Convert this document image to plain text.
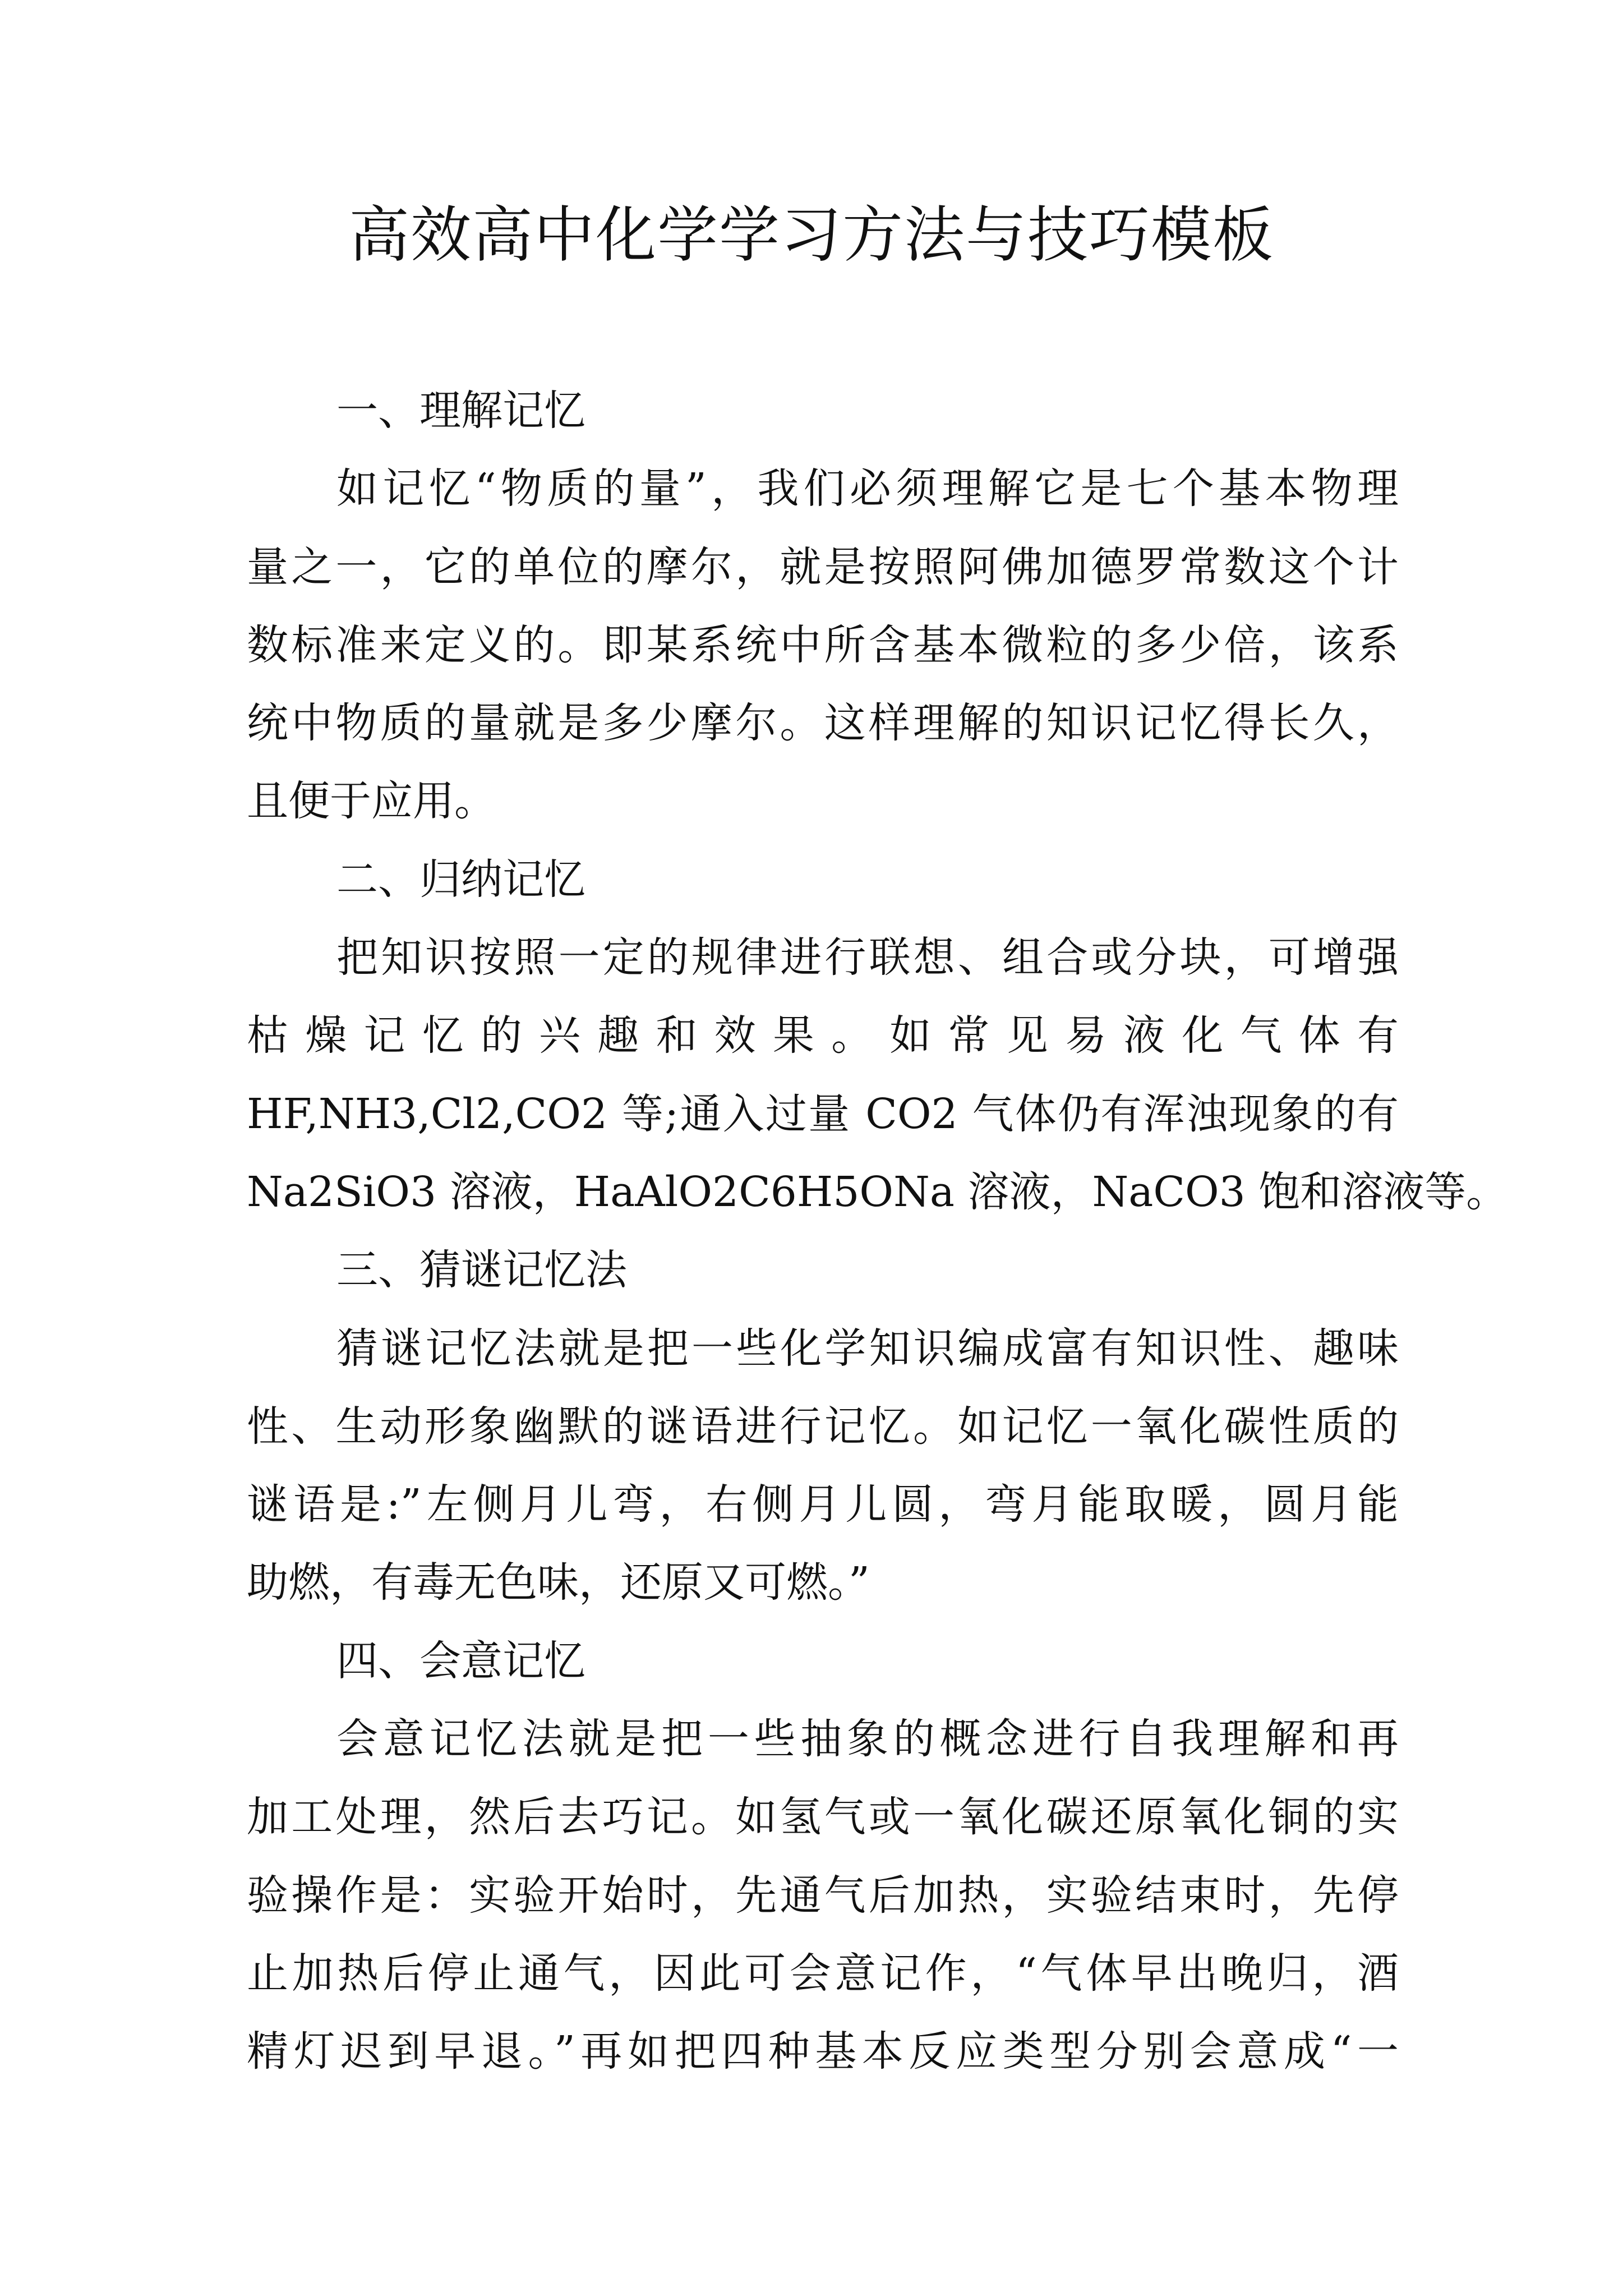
高效高中化学学习方法与技巧模板
一、理解记忆
如记忆“物质的量”，我们必须理解它是七个基本物理
量之一，它的单位的摩尔，就是按照阿佛加德罗常数这个计
数标准来定义的。即某系统中所含基本微粒的多少倍，该系
统中物质的量就是多少摩尔。这样理解的知识记忆得长久，
且便于应用。
二、归纳记忆
把知识按照一定的规律进行联想、组合或分块，可增强
枯燥记忆的兴趣和效果。如常见易液化气体有
HF,NH3,Cl2,CO2 等;通入过量 CO2 气体仍有浑浊现象的有
Na2SiO3 溶液，HaAlO2C6H5ONa 溶液，NaCO3 饱和溶液等。
三、猜谜记忆法
猜谜记忆法就是把一些化学知识编成富有知识性、趣味
性、生动形象幽默的谜语进行记忆。如记忆一氧化碳性质的
谜语是:”左侧月儿弯，右侧月儿圆，弯月能取暖，圆月能
助燃，有毒无色味，还原又可燃。”
四、会意记忆
会意记忆法就是把一些抽象的概念进行自我理解和再
加工处理，然后去巧记。如氢气或一氧化碳还原氧化铜的实
验操作是：实验开始时，先通气后加热，实验结束时，先停
止加热后停止通气，因此可会意记作，“气体早出晚归，酒
精灯迟到早退。”再如把四种基本反应类型分别会意成“一
